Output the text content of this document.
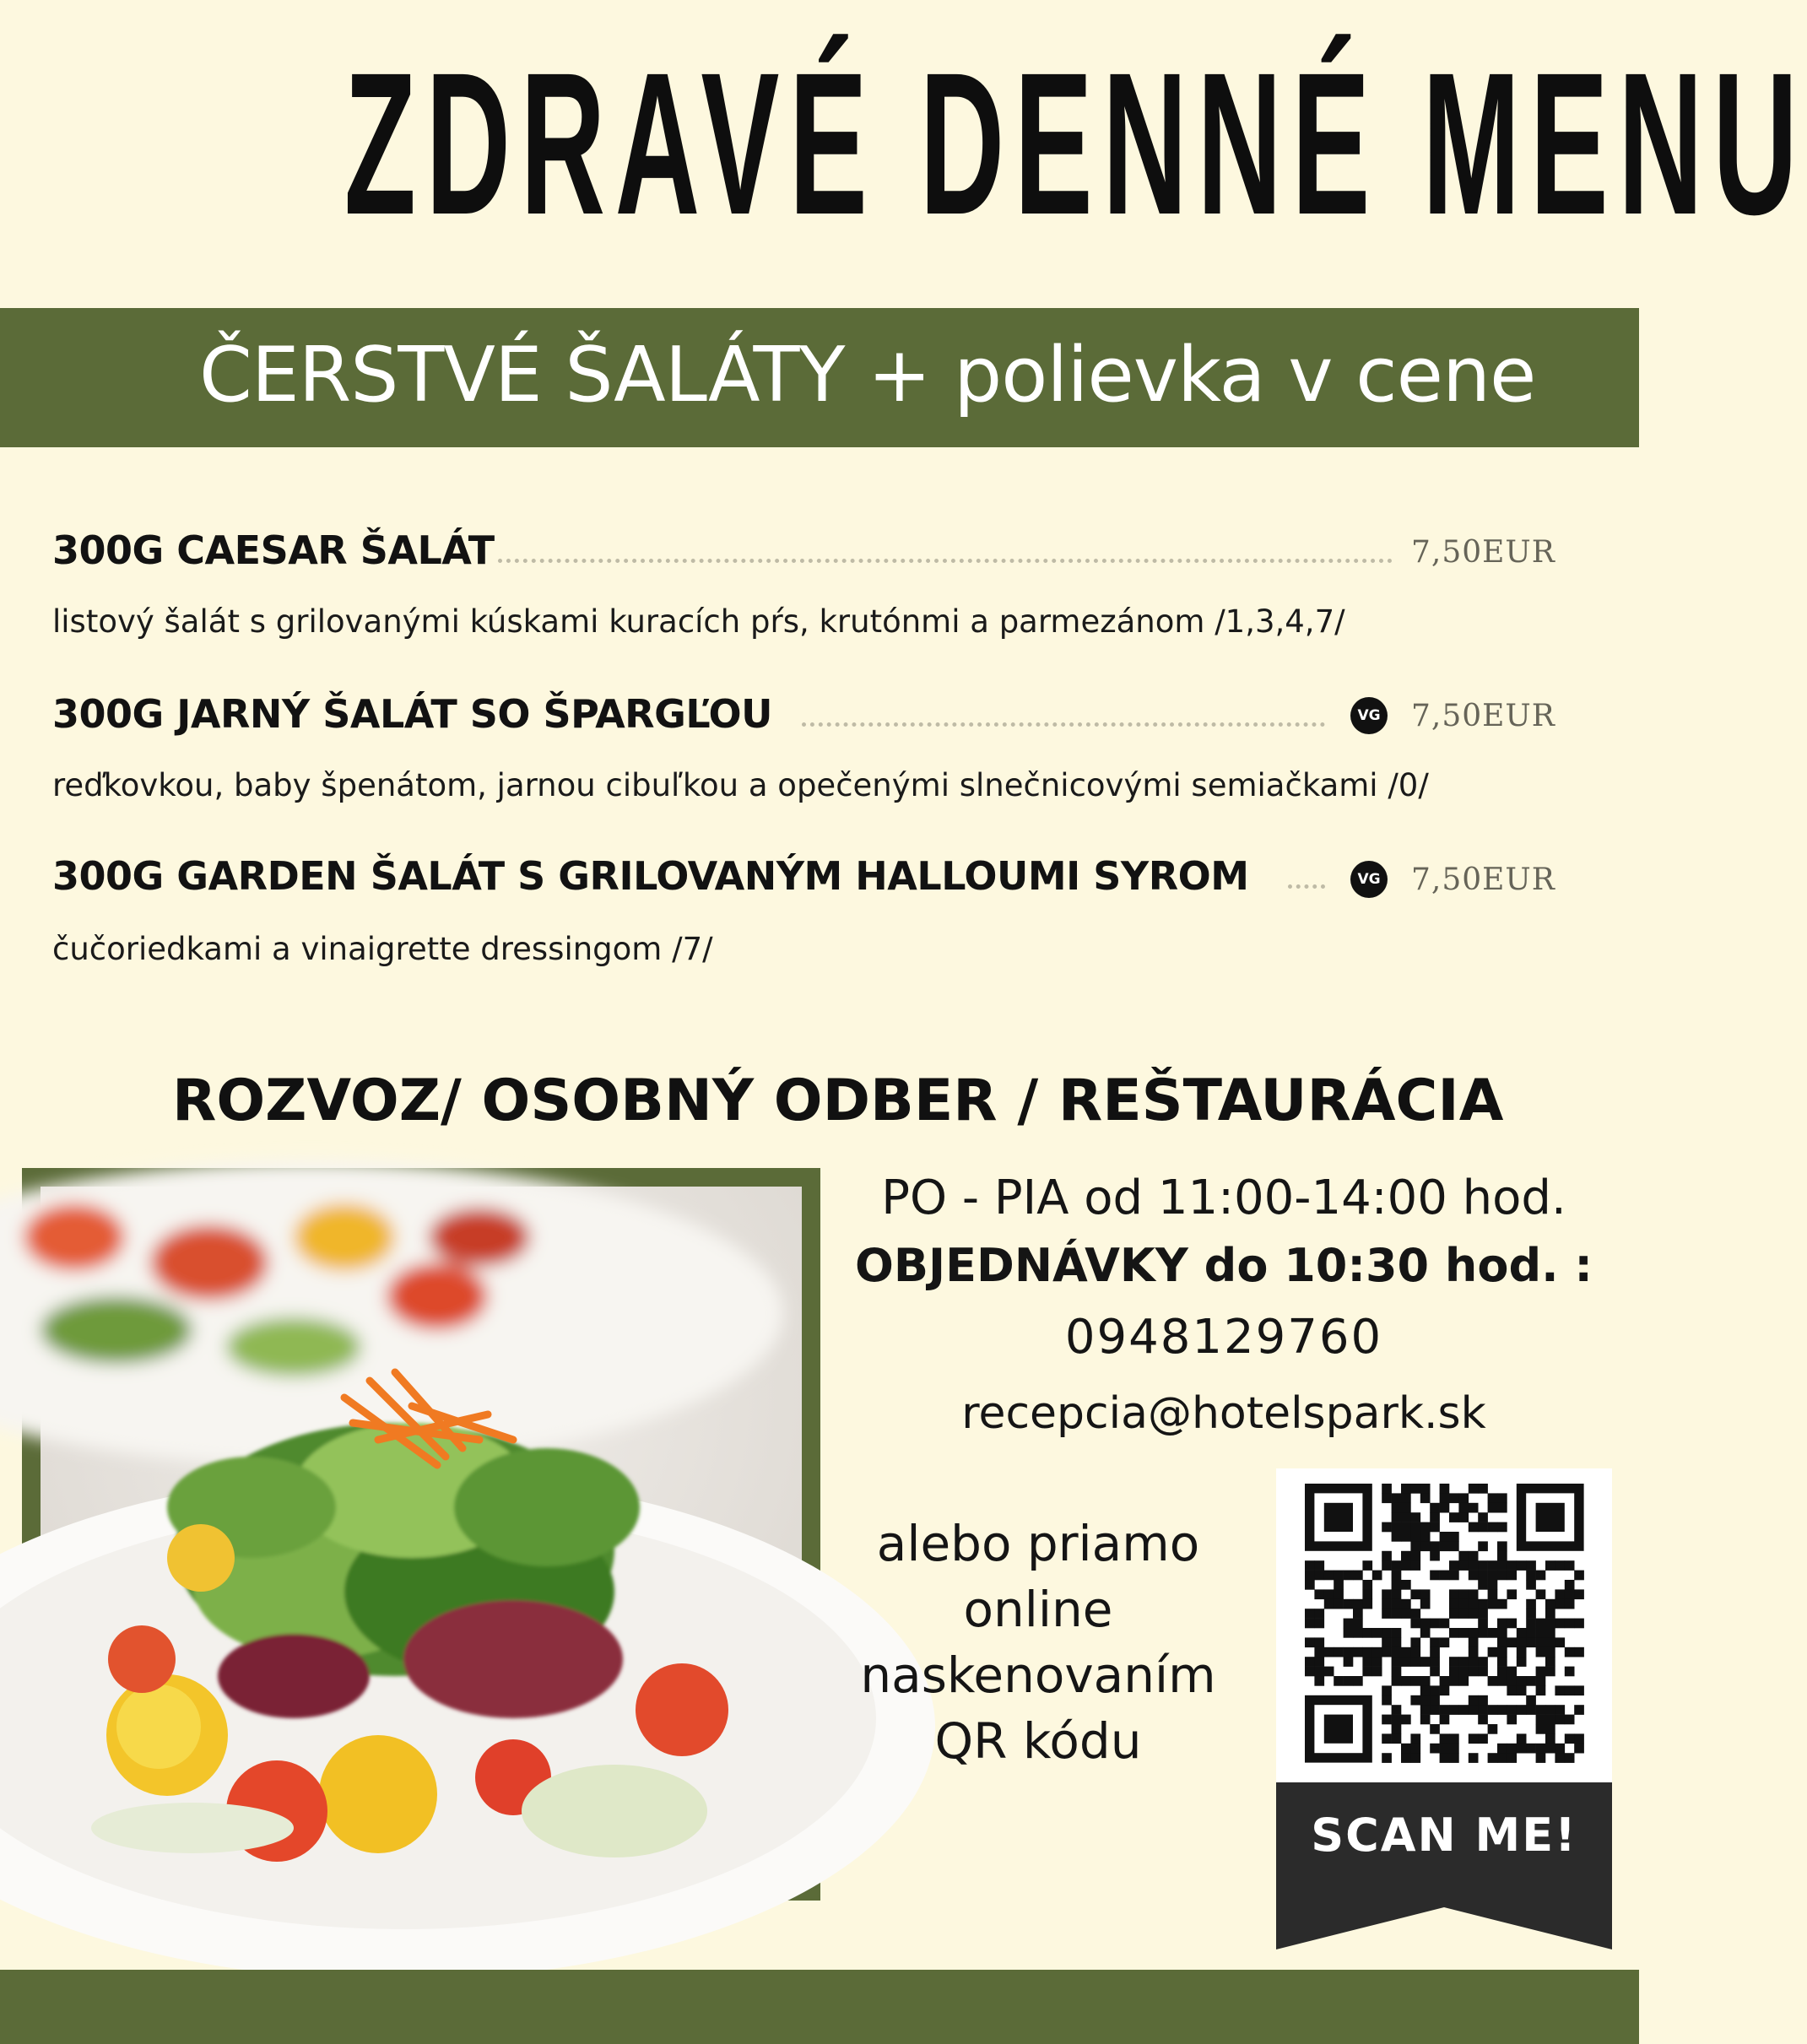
ZDRAVÉ DENNÉ MENU
ČERSTVÉ ŠALÁTY + polievka v cene
300G CAESAR ŠALÁT	7,50EUR
listový šalát s grilovanými kúskami kuracích pŕs, krutónmi a parmezánom /1,3,4,7/
300G JARNÝ ŠALÁT SO ŠPARGĽOU	VG 7,50EUR
reďkovkou, baby špenátom, jarnou cibuľkou a opečenými slnečnicovými semiačkami /0/
300G GARDEN ŠALÁT S GRILOVANÝM HALLOUMI SYROM	VG 7,50EUR
čučoriedkami a vinaigrette dressingom /7/
ROZVOZ/ OSOBNÝ ODBER / REŠTAURÁCIA
PO - PIA od 11:00-14:00 hod.
OBJEDNÁVKY do 10:30 hod. :
0948129760
recepcia@hotelspark.sk
alebo priamo
online
naskenovaním
QR kódu
SCAN ME!
